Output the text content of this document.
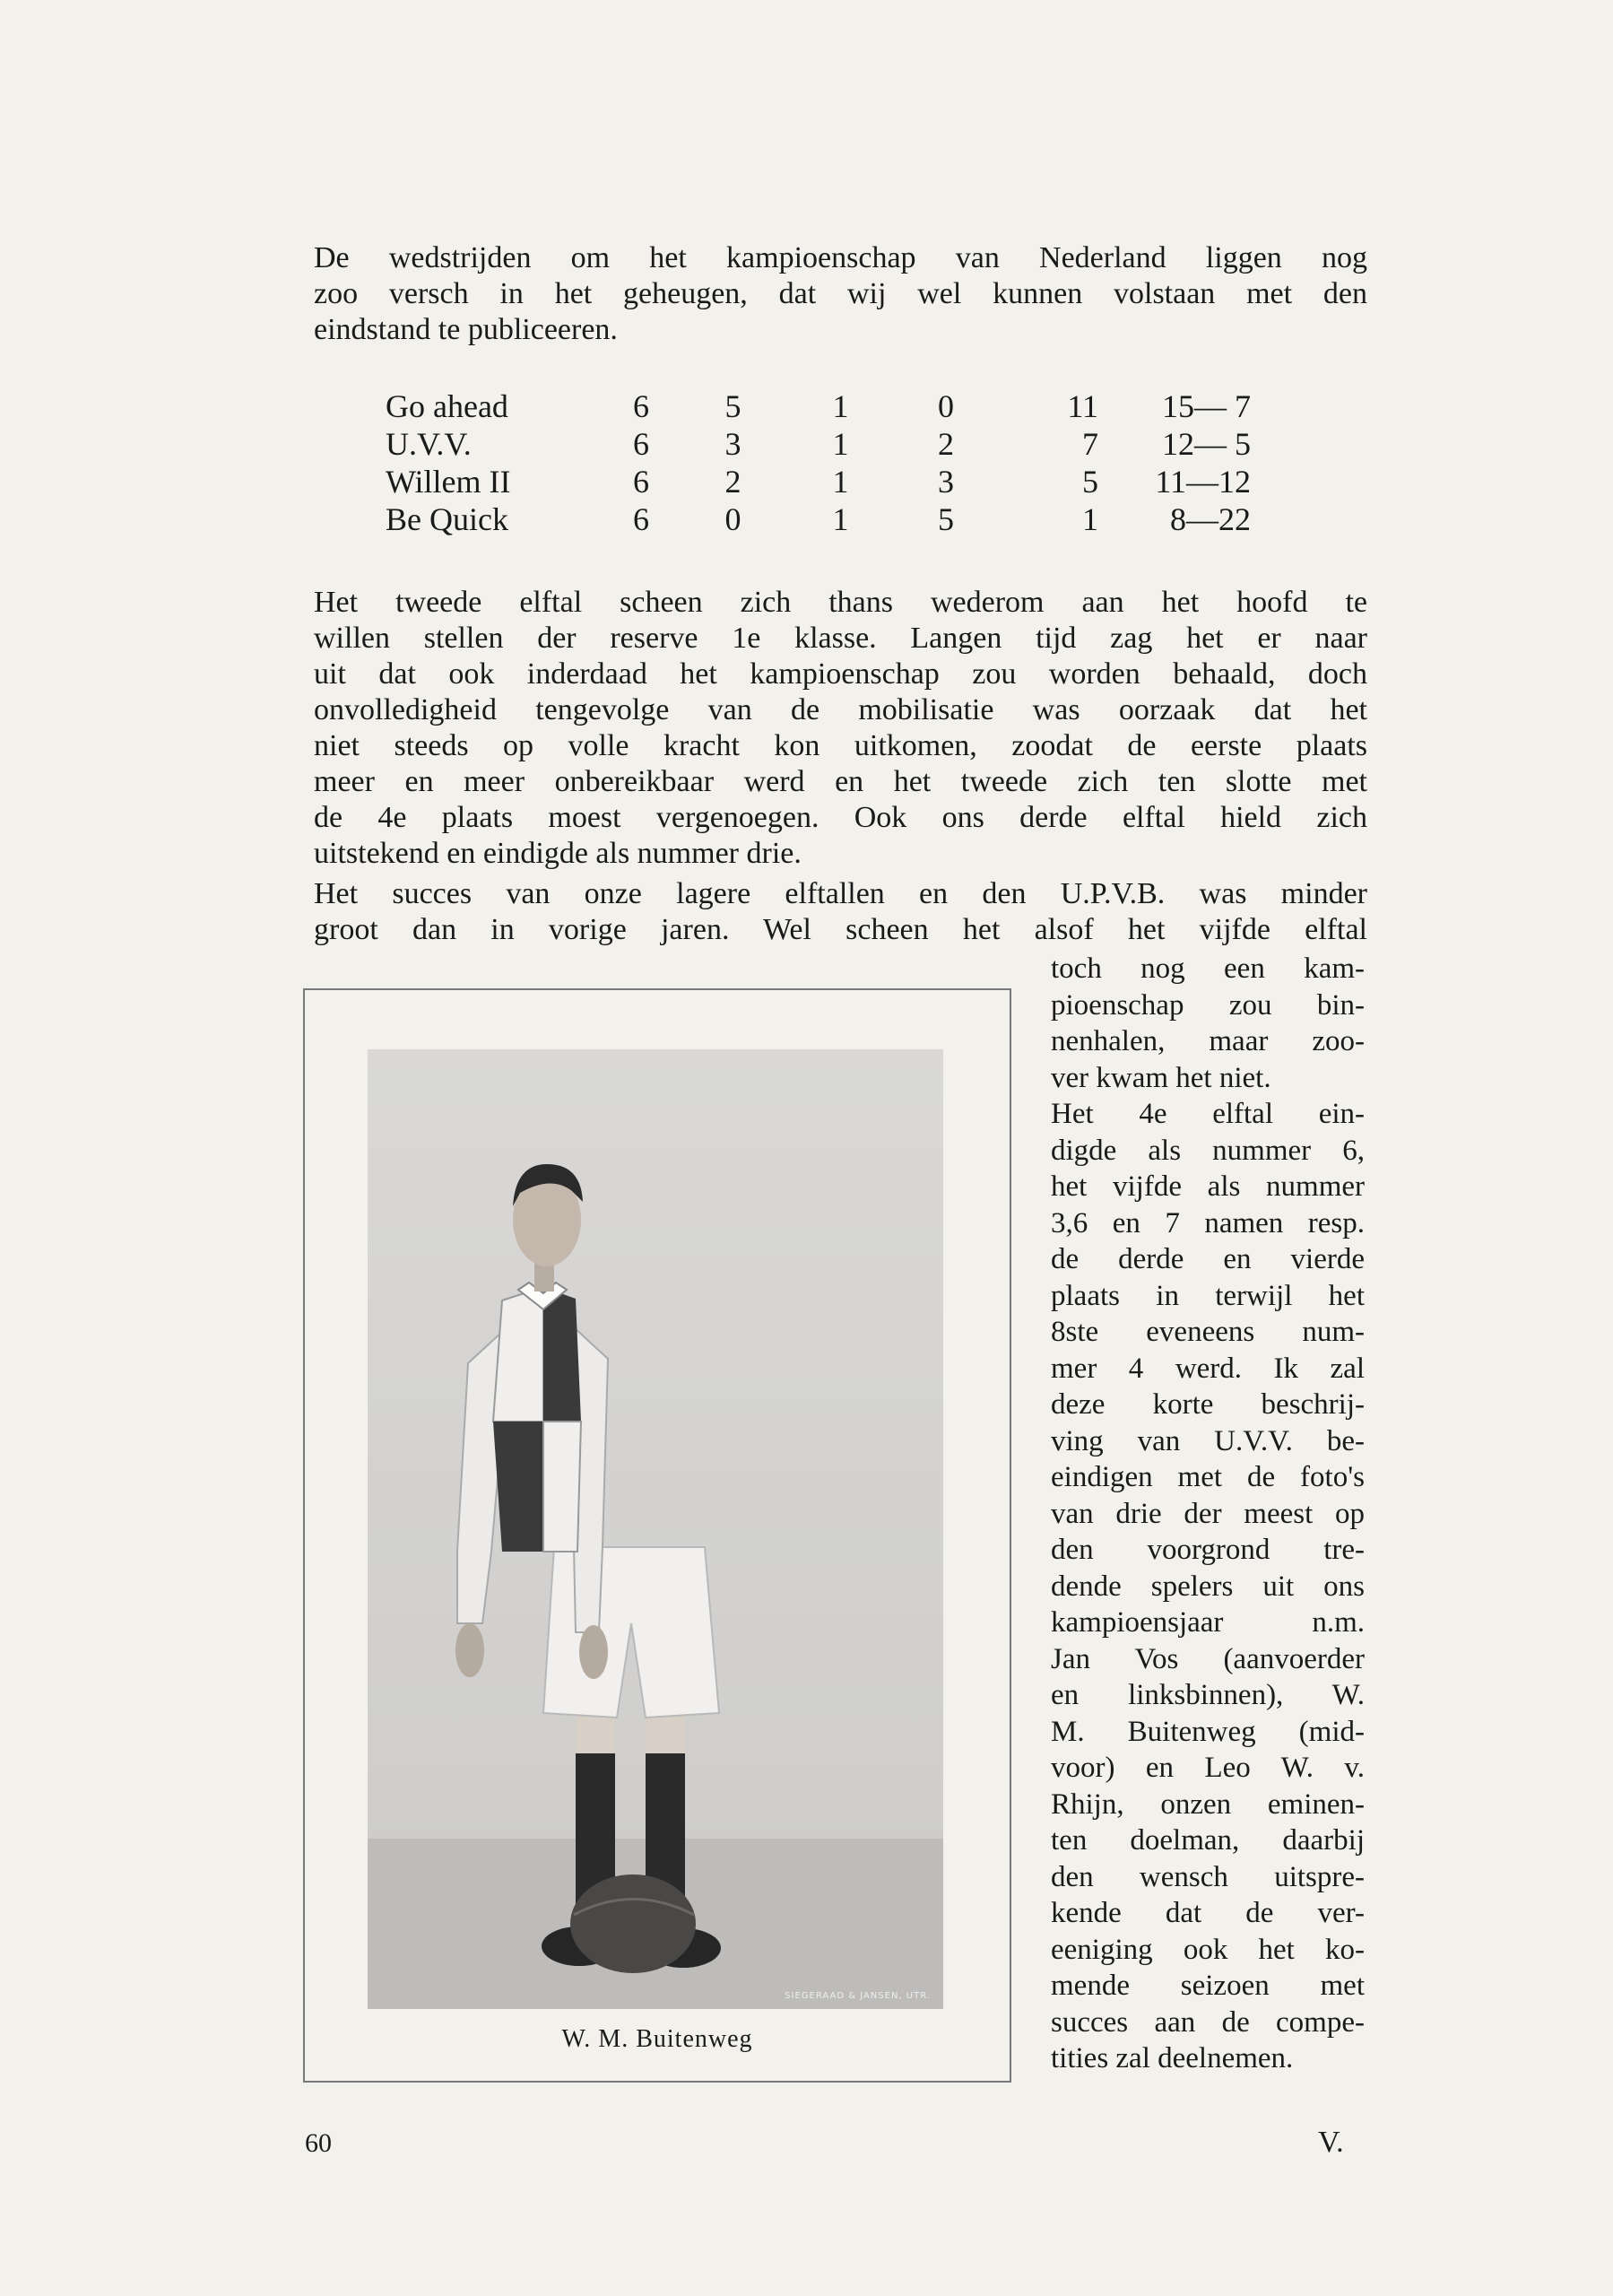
De wedstrijden om het kampioenschap van Nederland liggen nog
zoo versch in het geheugen, dat wij wel kunnen volstaan met den
eindstand te publiceeren.
Go ahead	6	5	1	0	11	15— 7
U.V.V.	6	3	1	2	7	12— 5
Willem II	6	2	1	3	5	11—12
Be Quick	6	0	1	5	1	8—22
Het tweede elftal scheen zich thans wederom aan het hoofd te
willen stellen der reserve 1e klasse. Langen tijd zag het er naar
uit dat ook inderdaad het kampioenschap zou worden behaald, doch
onvolledigheid tengevolge van de mobilisatie was oorzaak dat het
niet steeds op volle kracht kon uitkomen, zoodat de eerste plaats
meer en meer onbereikbaar werd en het tweede zich ten slotte met
de 4e plaats moest vergenoegen. Ook ons derde elftal hield zich
uitstekend en eindigde als nummer drie.
Het succes van onze lagere elftallen en den U.P.V.B. was minder
groot dan in vorige jaren. Wel scheen het alsof het vijfde elftal
toch nog een kam-
pioenschap zou bin-
nenhalen, maar zoo-
ver kwam het niet.
Het 4e elftal ein-
digde als nummer 6,
het vijfde als nummer
3,6 en 7 namen resp.
de derde en vierde
plaats in terwijl het
8ste eveneens num-
mer 4 werd. Ik zal
deze korte beschrij-
ving van U.V.V. be-
eindigen met de foto's
van drie der meest op
den voorgrond tre-
dende spelers uit ons
kampioensjaar n.m.
Jan Vos (aanvoerder
en linksbinnen), W.
M. Buitenweg (mid-
voor) en Leo W. v.
Rhijn, onzen eminen-
ten doelman, daarbij
den wensch uitspre-
kende dat de ver-
eeniging ook het ko-
mende seizoen met
succes aan de compe-
tities zal deelnemen.
SIEGERAAD & JANSEN, UTR.
W. M. Buitenweg
60	V.
